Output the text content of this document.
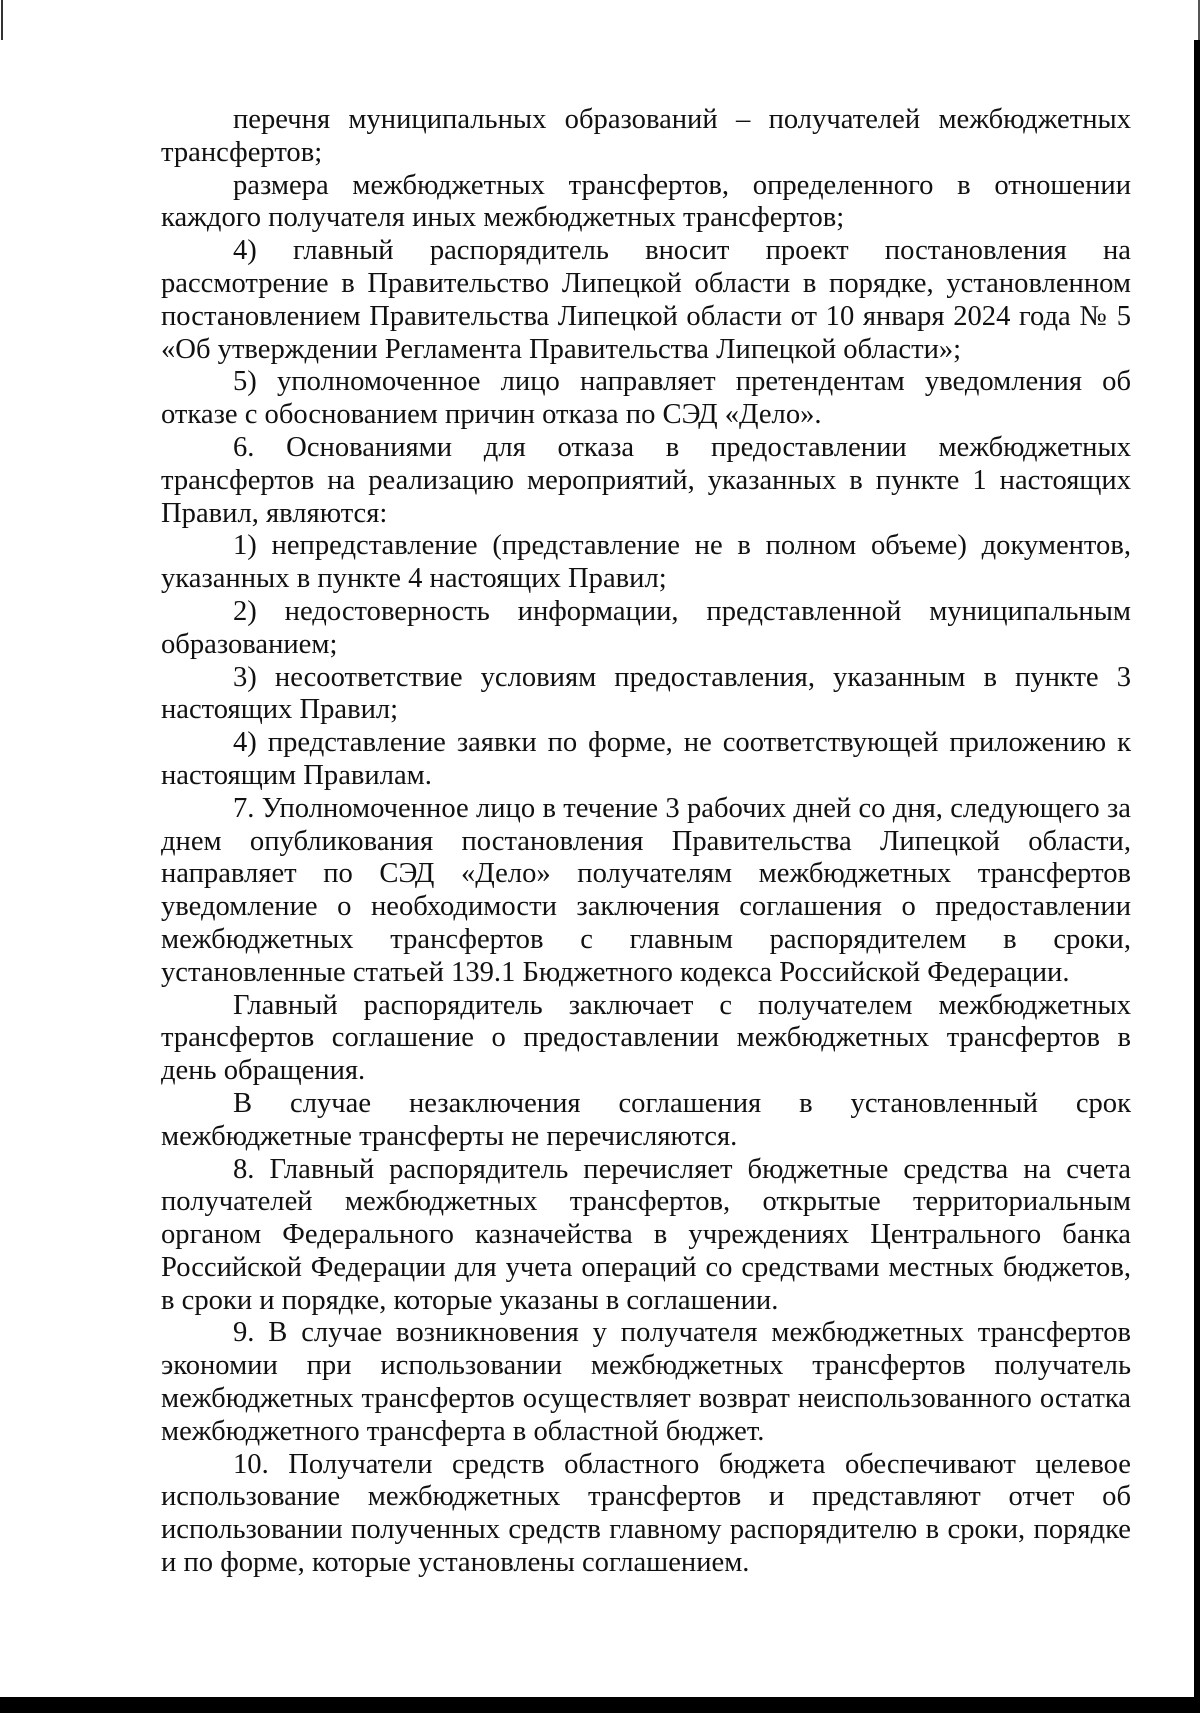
перечня муниципальных образований – получателей межбюджетных трансфертов;

размера межбюджетных трансфертов, определенного в отношении каждого получателя иных межбюджетных трансфертов;

4) главный распорядитель вносит проект постановления на рассмотрение в Правительство Липецкой области в порядке, установленном постановлением Правительства Липецкой области от 10 января 2024 года № 5 «Об утверждении Регламента Правительства Липецкой области»;

5) уполномоченное лицо направляет претендентам уведомления об отказе с обоснованием причин отказа по СЭД «Дело».

6. Основаниями для отказа в предоставлении межбюджетных трансфертов на реализацию мероприятий, указанных в пункте 1 настоящих Правил, являются:

1) непредставление (представление не в полном объеме) документов, указанных в пункте 4 настоящих Правил;

2) недостоверность информации, представленной муниципальным образованием;

3) несоответствие условиям предоставления, указанным в пункте 3 настоящих Правил;

4) представление заявки по форме, не соответствующей приложению к настоящим Правилам.

7. Уполномоченное лицо в течение 3 рабочих дней со дня, следующего за днем опубликования постановления Правительства Липецкой области, направляет по СЭД «Дело» получателям межбюджетных трансфертов уведомление о необходимости заключения соглашения о предоставлении межбюджетных трансфертов с главным распорядителем в сроки, установленные статьей 139.1 Бюджетного кодекса Российской Федерации.

Главный распорядитель заключает с получателем межбюджетных трансфертов соглашение о предоставлении межбюджетных трансфертов в день обращения.

В случае незаключения соглашения в установленный срок межбюджетные трансферты не перечисляются.

8. Главный распорядитель перечисляет бюджетные средства на счета получателей межбюджетных трансфертов, открытые территориальным органом Федерального казначейства в учреждениях Центрального банка Российской Федерации для учета операций со средствами местных бюджетов, в сроки и порядке, которые указаны в соглашении.

9. В случае возникновения у получателя межбюджетных трансфертов экономии при использовании межбюджетных трансфертов получатель межбюджетных трансфертов осуществляет возврат неиспользованного остатка межбюджетного трансферта в областной бюджет.

10. Получатели средств областного бюджета обеспечивают целевое использование межбюджетных трансфертов и представляют отчет об использовании полученных средств главному распорядителю в сроки, порядке и по форме, которые установлены соглашением.
